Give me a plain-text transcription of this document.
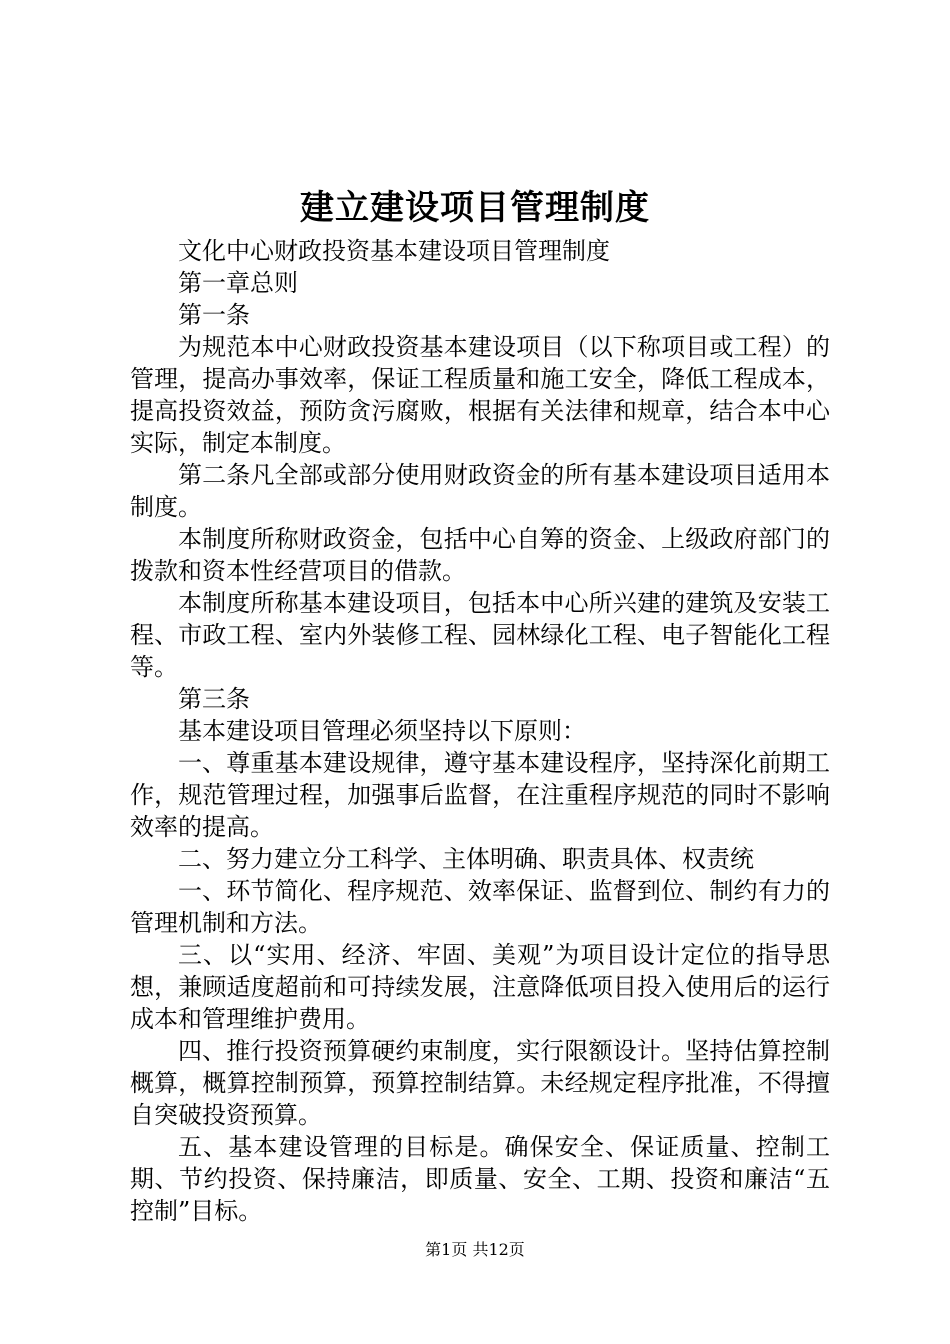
建立建设项目管理制度

文化中心财政投资基本建设项目管理制度

第一章总则

第一条

为规范本中心财政投资基本建设项目（以下称项目或工程）的管理，提高办事效率，保证工程质量和施工安全，降低工程成本，提高投资效益，预防贪污腐败，根据有关法律和规章，结合本中心实际，制定本制度。

第二条凡全部或部分使用财政资金的所有基本建设项目适用本制度。

本制度所称财政资金，包括中心自筹的资金、上级政府部门的拨款和资本性经营项目的借款。

本制度所称基本建设项目，包括本中心所兴建的建筑及安装工程、市政工程、室内外装修工程、园林绿化工程、电子智能化工程等。

第三条

基本建设项目管理必须坚持以下原则：

一、尊重基本建设规律，遵守基本建设程序，坚持深化前期工作，规范管理过程，加强事后监督，在注重程序规范的同时不影响效率的提高。

二、努力建立分工科学、主体明确、职责具体、权责统

一、环节简化、程序规范、效率保证、监督到位、制约有力的管理机制和方法。

三、以“实用、经济、牢固、美观”为项目设计定位的指导思想，兼顾适度超前和可持续发展，注意降低项目投入使用后的运行成本和管理维护费用。

四、推行投资预算硬约束制度，实行限额设计。坚持估算控制概算，概算控制预算，预算控制结算。未经规定程序批准，不得擅自突破投资预算。

五、基本建设管理的目标是。确保安全、保证质量、控制工期、节约投资、保持廉洁，即质量、安全、工期、投资和廉洁“五控制”目标。

第1页 共12页
